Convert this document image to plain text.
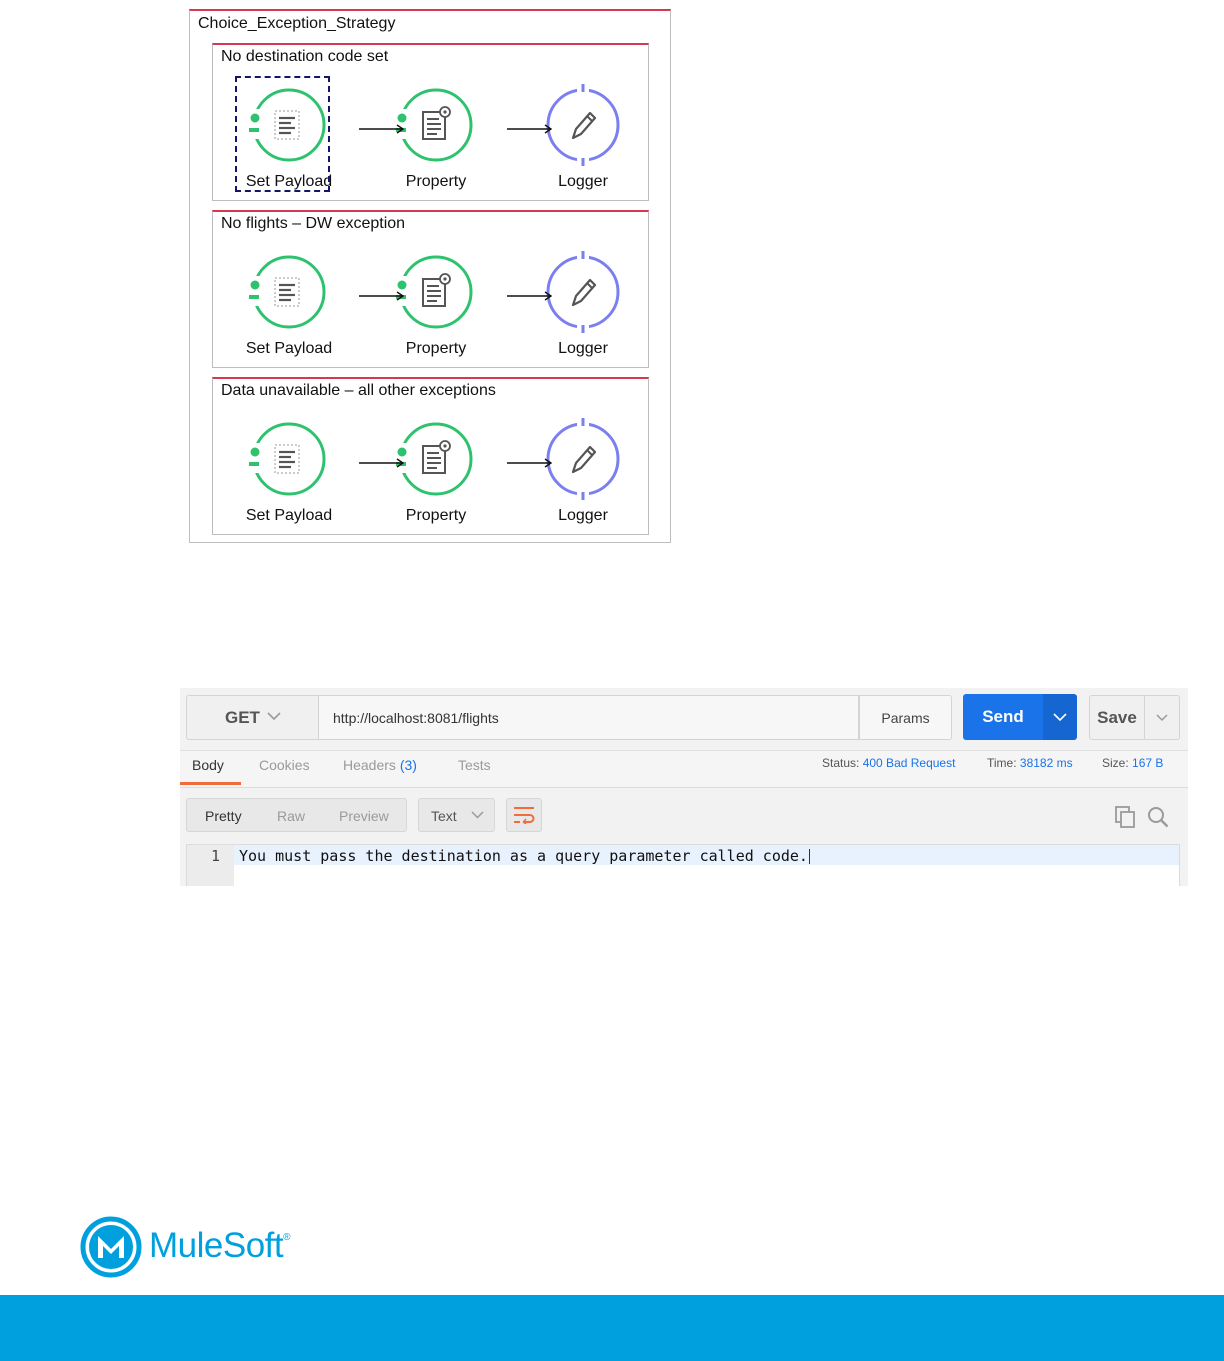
Choice_Exception_Strategy
No destination code set
Set Payload	Property	Logger
No flights – DW exception
Set Payload	Property	Logger
Data unavailable – all other exceptions
Set Payload	Property	Logger
GET	http://localhost:8081/flights	Params	Send	Save
Body	Cookies Headers (3)	Tests	Status: 400 Bad Request	Time: 38182 ms Size: 167 B
Pretty	Raw Preview	Text
1 You must pass the destination as a query parameter called code.
MuleSoft®
